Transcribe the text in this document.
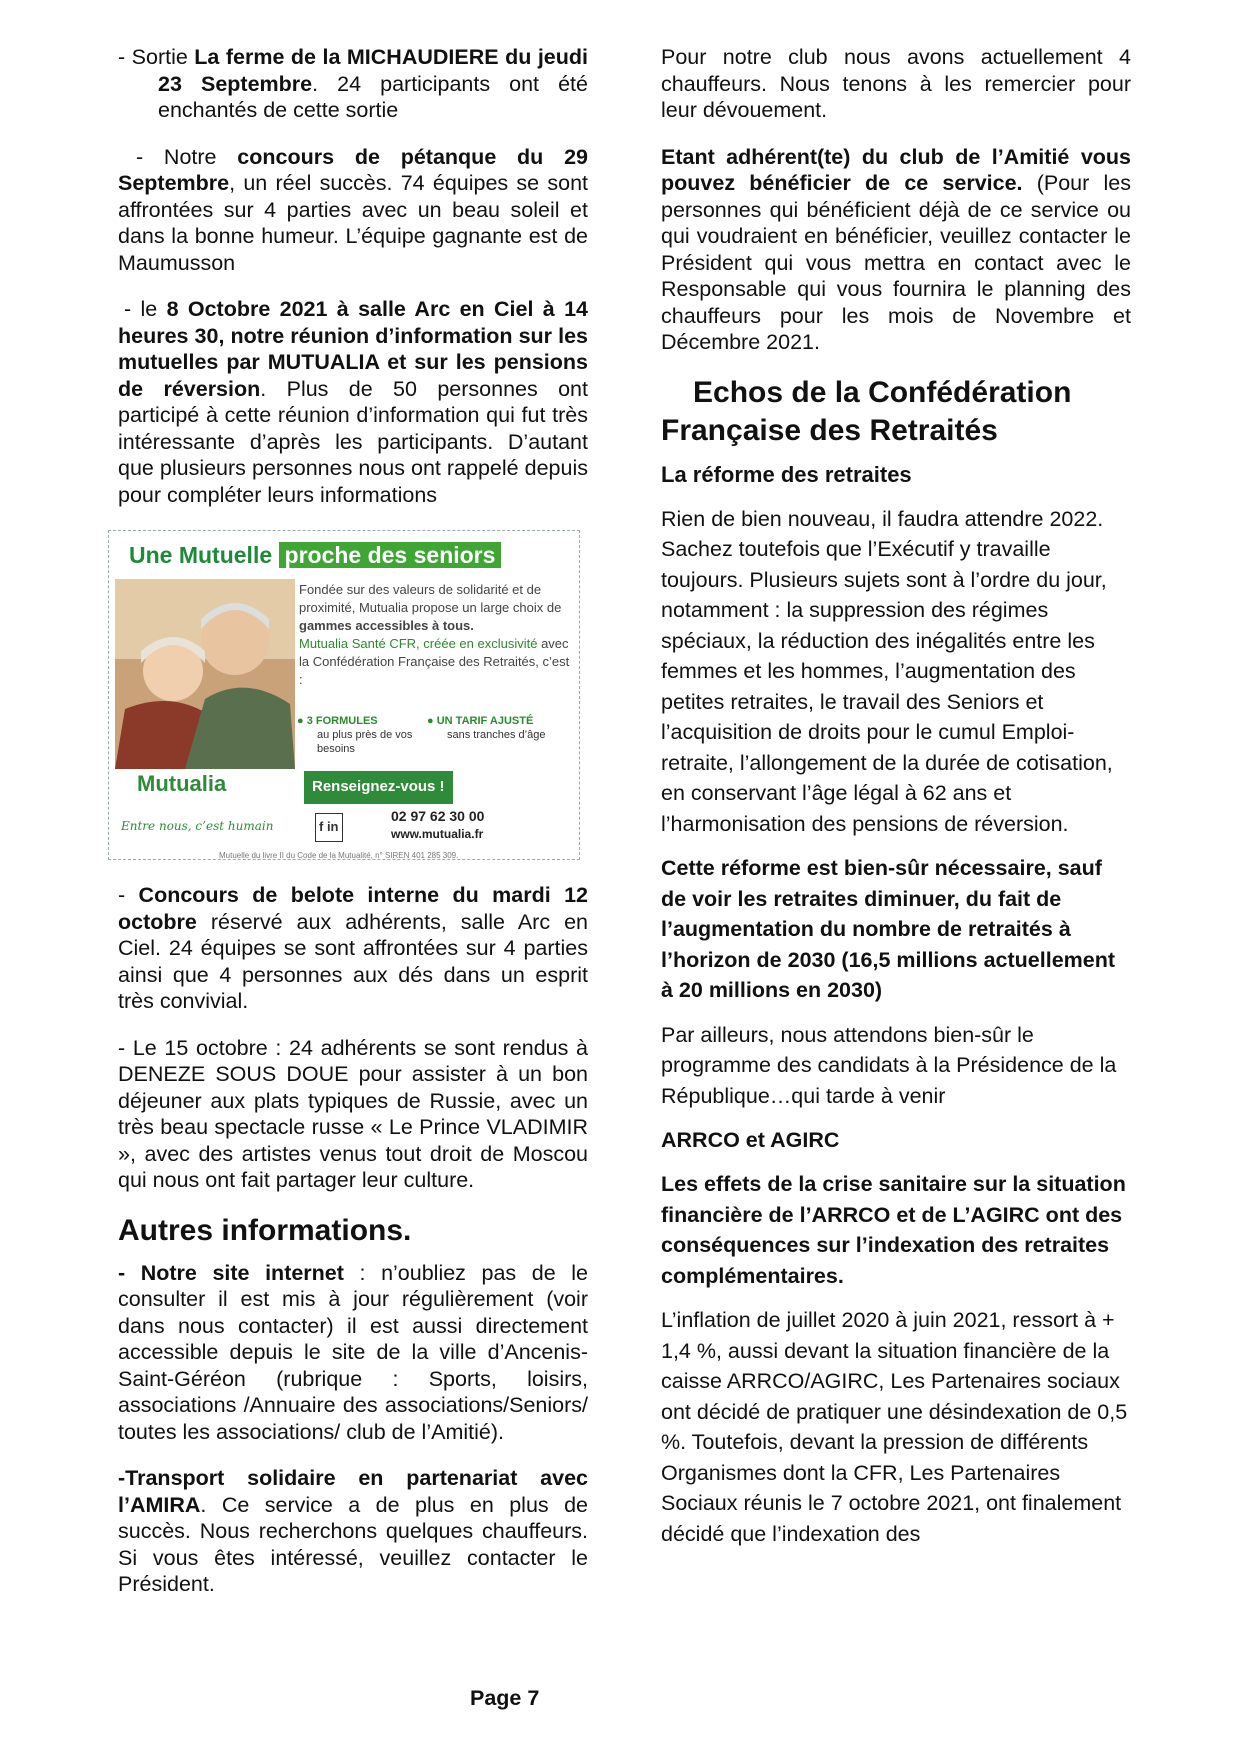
- Sortie La ferme de la MICHAUDIERE du jeudi 23 Septembre. 24 participants ont été enchantés de cette sortie

- Notre concours de pétanque du 29 Septembre, un réel succès. 74 équipes se sont affrontées sur 4 parties avec un beau soleil et dans la bonne humeur. L’équipe gagnante est de Maumusson

- le 8 Octobre 2021 à salle Arc en Ciel à 14 heures 30, notre réunion d’information sur les mutuelles par MUTUALIA et sur les pensions de réversion. Plus de 50 personnes ont participé à cette réunion d’information qui fut très intéressante d’après les participants. D’autant que plusieurs personnes nous ont rappelé depuis pour compléter leurs informations

Une Mutuelle proche des seniors
Fondée sur des valeurs de solidarité et de proximité, Mutualia propose un large choix de gammes accessibles à tous.
Mutualia Santé CFR, créée en exclusivité avec la Confédération Française des Retraités, c’est :
● 3 FORMULES
au plus près de vos besoins
● UN TARIF AJUSTÉ
sans tranches d’âge
Mutualia	Renseignez-vous !
Entre nous, c’est humain	f in
02 97 62 30 00
www.mutualia.fr
Mutuelle du livre II du Code de la Mutualité, n° SIREN 401 285 309.

- Concours de belote interne du mardi 12 octobre réservé aux adhérents, salle Arc en Ciel. 24 équipes se sont affrontées sur 4 parties ainsi que 4 personnes aux dés dans un esprit très convivial.

- Le 15 octobre : 24 adhérents se sont rendus à DENEZE SOUS DOUE pour assister à un bon déjeuner aux plats typiques de Russie, avec un très beau spectacle russe « Le Prince VLADIMIR », avec des artistes venus tout droit de Moscou qui nous ont fait partager leur culture.

Autres informations.

- Notre site internet : n’oubliez pas de le consulter il est mis à jour régulièrement (voir dans nous contacter) il est aussi directement accessible depuis le site de la ville d’Ancenis-Saint-Géréon (rubrique : Sports, loisirs, associations /Annuaire des associations/Seniors/ toutes les associations/ club de l’Amitié).

-Transport solidaire en partenariat avec l’AMIRA. Ce service a de plus en plus de succès. Nous recherchons quelques chauffeurs. Si vous êtes intéressé, veuillez contacter le Président.

Page 7

Pour notre club nous avons actuellement 4 chauffeurs. Nous tenons à les remercier pour leur dévouement.

Etant adhérent(te) du club de l’Amitié vous pouvez bénéficier de ce service. (Pour les personnes qui bénéficient déjà de ce service ou qui voudraient en bénéficier, veuillez contacter le Président qui vous mettra en contact avec le Responsable qui vous fournira le planning des chauffeurs pour les mois de Novembre et Décembre 2021.

Echos de la Confédération Française des Retraités
La réforme des retraites

Rien de bien nouveau, il faudra attendre 2022. Sachez toutefois que l’Exécutif y travaille toujours. Plusieurs sujets sont à l’ordre du jour, notamment : la suppression des régimes spéciaux, la réduction des inégalités entre les femmes et les hommes, l’augmentation des petites retraites, le travail des Seniors et l’acquisition de droits pour le cumul Emploi-retraite, l’allongement de la durée de cotisation, en conservant l’âge légal à 62 ans et l’harmonisation des pensions de réversion.

Cette réforme est bien-sûr nécessaire, sauf de voir les retraites diminuer, du fait de l’augmentation du nombre de retraités à l’horizon de 2030 (16,5 millions actuellement à 20 millions en 2030)

Par ailleurs, nous attendons bien-sûr le programme des candidats à la Présidence de la République…qui tarde à venir

ARRCO et AGIRC

Les effets de la crise sanitaire sur la situation financière de l’ARRCO et de L’AGIRC ont des conséquences sur l’indexation des retraites complémentaires.

L’inflation de juillet 2020 à juin 2021, ressort à + 1,4 %, aussi devant la situation financière de la caisse ARRCO/AGIRC, Les Partenaires sociaux ont décidé de pratiquer une désindexation de 0,5 %. Toutefois, devant la pression de différents Organismes dont la CFR, Les Partenaires Sociaux réunis le 7 octobre 2021, ont finalement décidé que l’indexation des
